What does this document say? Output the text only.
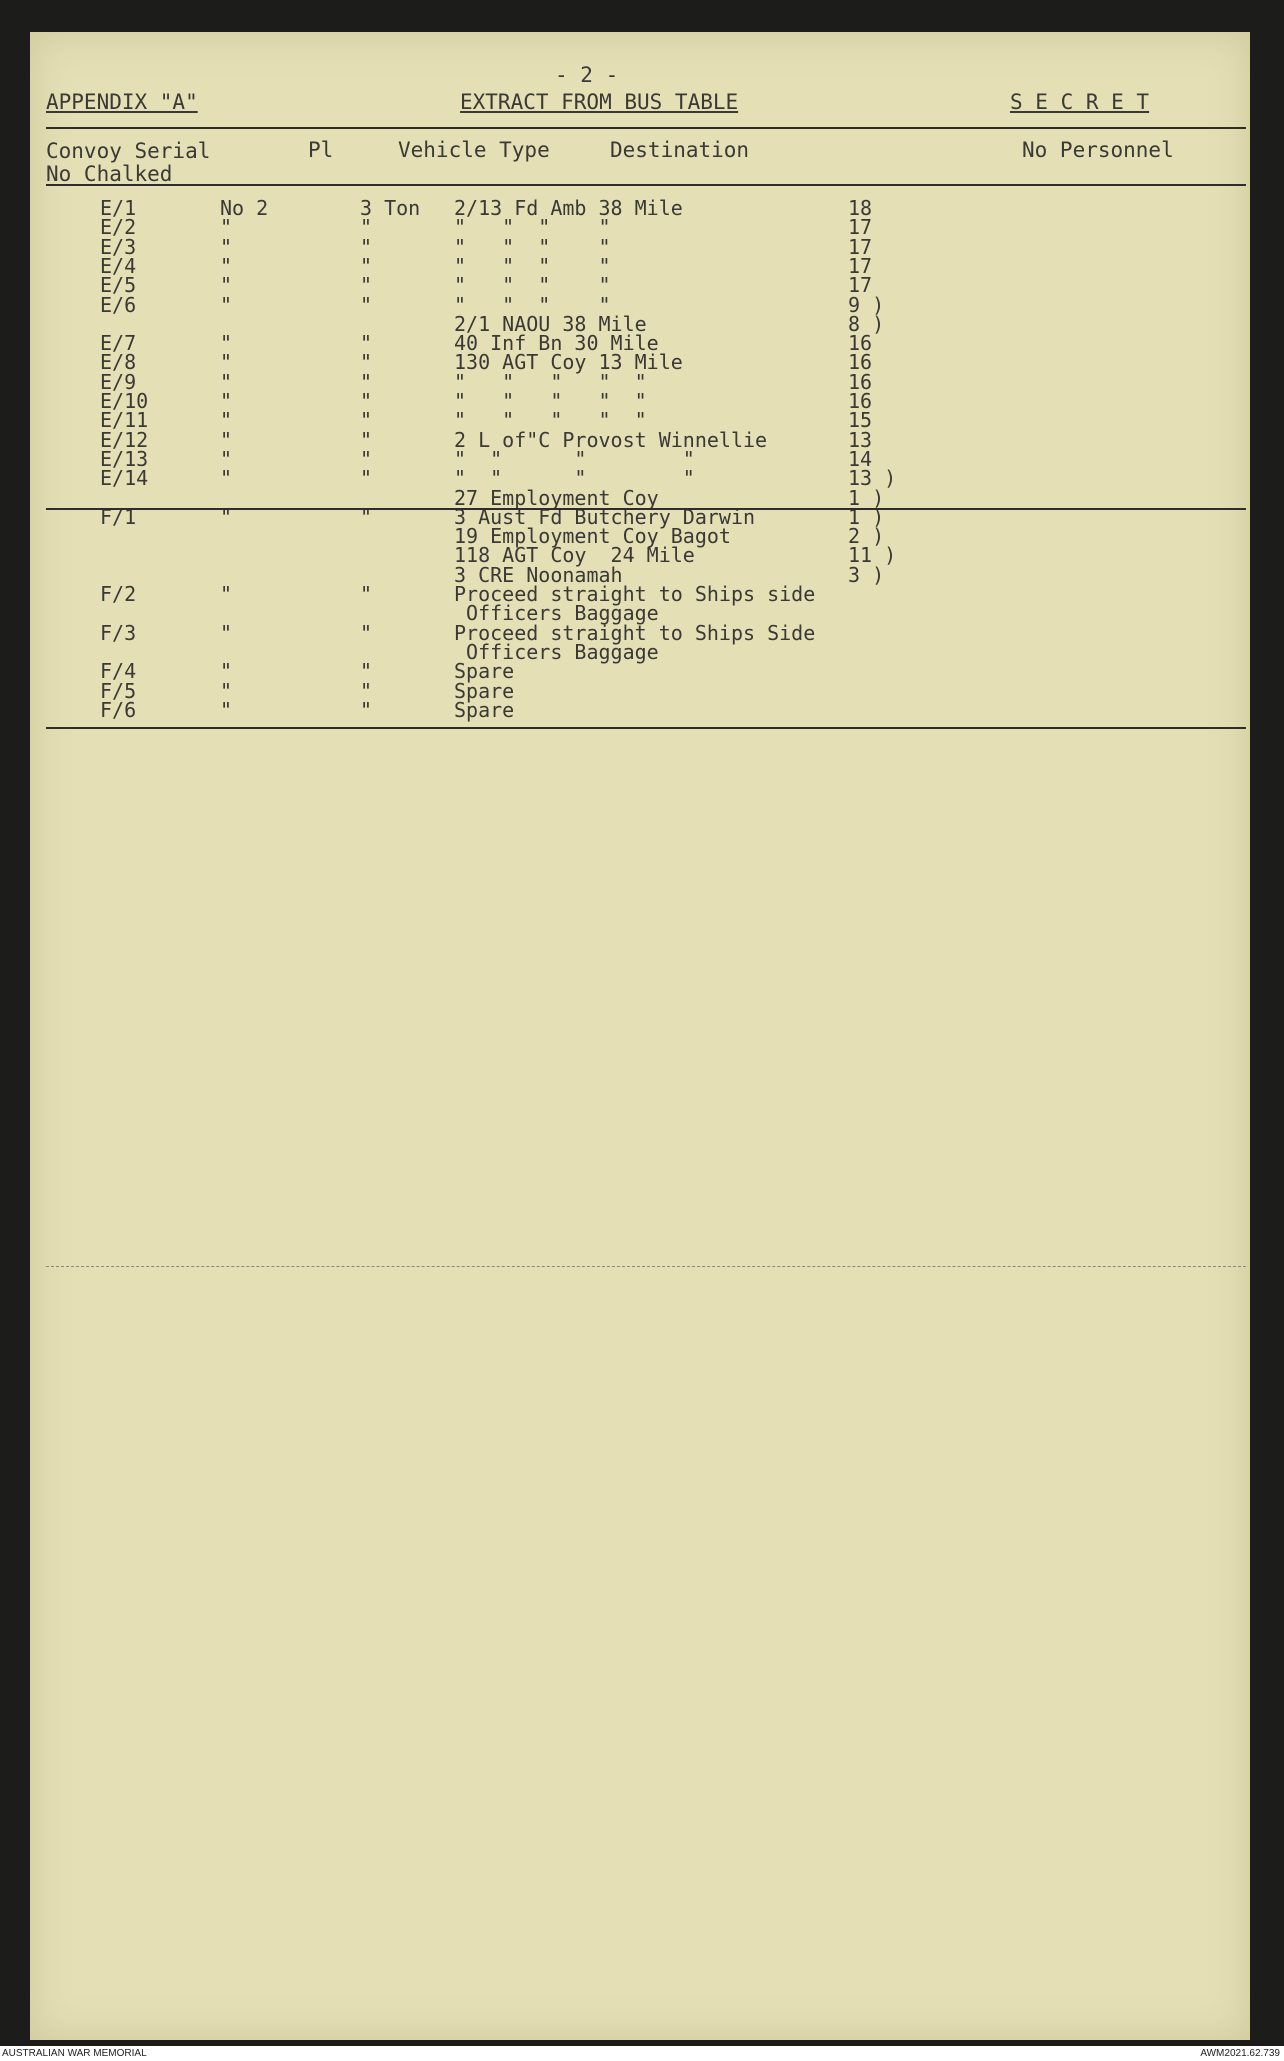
- 2 -
APPENDIX "A"	EXTRACT FROM BUS TABLE	S E C R E T
Convoy Serial
No Chalked
Pl	Vehicle Type	Destination	No Personnel
E/1	No 2	3 Ton 2/13 Fd Amb 38 Mile	18
E/2	"	"	"   "  "    "	17
E/3	"	"	"   "  "    "	17
E/4	"	"	"   "  "    "	17
E/5	"	"	"   "  "    "	17
E/6	"	"	"   "  "    "	9 )
2/1 NAOU 38 Mile	8 )
E/7	"	"	40 Inf Bn 30 Mile	16
E/8	"	"	130 AGT Coy 13 Mile	16
E/9	"	"	"   "   "   "  "	16
E/10	"	"	"   "   "   "  "	16
E/11	"	"	"   "   "   "  "	15
E/12	"	"	2 L of"C Provost Winnellie	13
E/13	"	"	"  "      "        "	14
E/14	"	"	"  "      "        "	13 )
27 Employment Coy	1 )
F/1	"	"	3 Aust Fd Butchery Darwin	1 )
19 Employment Coy Bagot	2 )
118 AGT Coy  24 Mile	11 )
3 CRE Noonamah	3 )
F/2	"	"	Proceed straight to Ships side
Officers Baggage
F/3	"	"	Proceed straight to Ships Side
Officers Baggage
F/4	"	"	Spare
F/5	"	"	Spare
F/6	"	"	Spare
AUSTRALIAN WAR MEMORIAL	AWM2021.62.739
